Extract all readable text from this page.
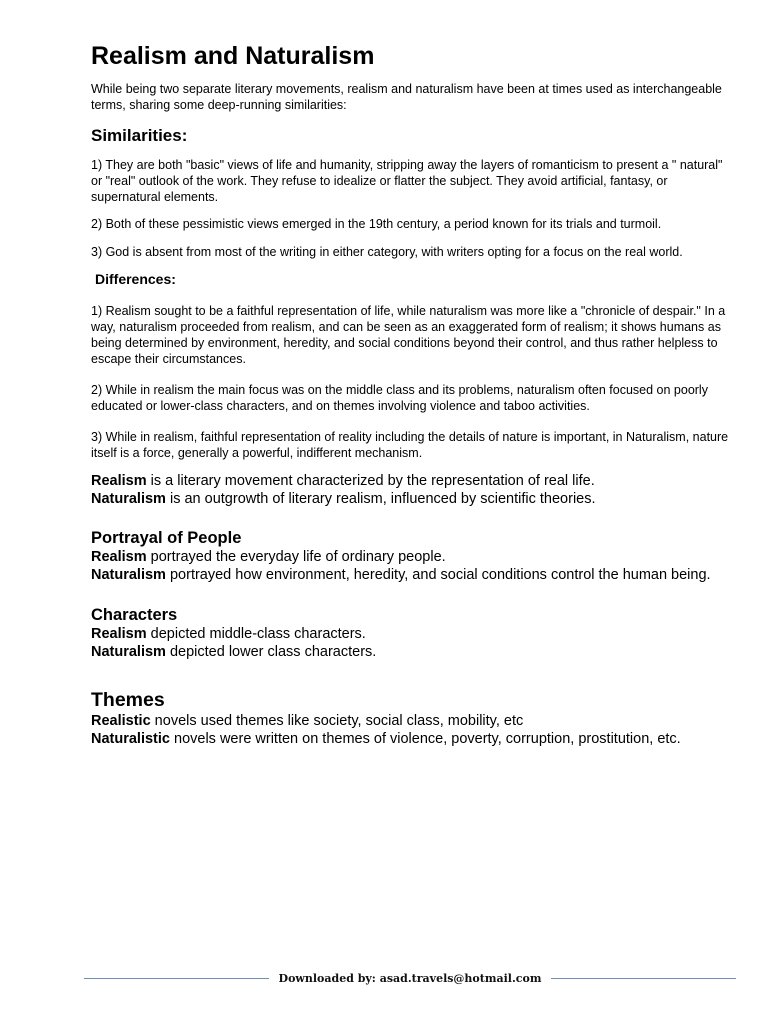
Realism and Naturalism

While being two separate literary movements, realism and naturalism have been at times used as interchangeable terms, sharing some deep-running similarities:

Similarities:

1) They are both "basic" views of life and humanity, stripping away the layers of romanticism to present a " natural" or "real" outlook of the work. They refuse to idealize or flatter the subject. They avoid artificial, fantasy, or supernatural elements.

2) Both of these pessimistic views emerged in the 19th century, a period known for its trials and turmoil.

3) God is absent from most of the writing in either category, with writers opting for a focus on the real world.

Differences:

1) Realism sought to be a faithful representation of life, while naturalism was more like a "chronicle of despair." In a way, naturalism proceeded from realism, and can be seen as an exaggerated form of realism; it shows humans as being determined by environment, heredity, and social conditions beyond their control, and thus rather helpless to escape their circumstances.

2) While in realism the main focus was on the middle class and its problems, naturalism often focused on poorly educated or lower-class characters, and on themes involving violence and taboo activities.

3) While in realism, faithful representation of reality including the details of nature is important, in Naturalism, nature itself is a force, generally a powerful, indifferent mechanism.

Realism is a literary movement characterized by the representation of real life.

Naturalism is an outgrowth of literary realism, influenced by scientific theories.

Portrayal of People

Realism portrayed the everyday life of ordinary people.

Naturalism portrayed how environment, heredity, and social conditions control the human being.

Characters

Realism depicted middle-class characters.

Naturalism depicted lower class characters.

Themes

Realistic novels used themes like society, social class, mobility, etc

Naturalistic novels were written on themes of violence, poverty, corruption, prostitution, etc.

Downloaded by: asad.travels@hotmail.com
